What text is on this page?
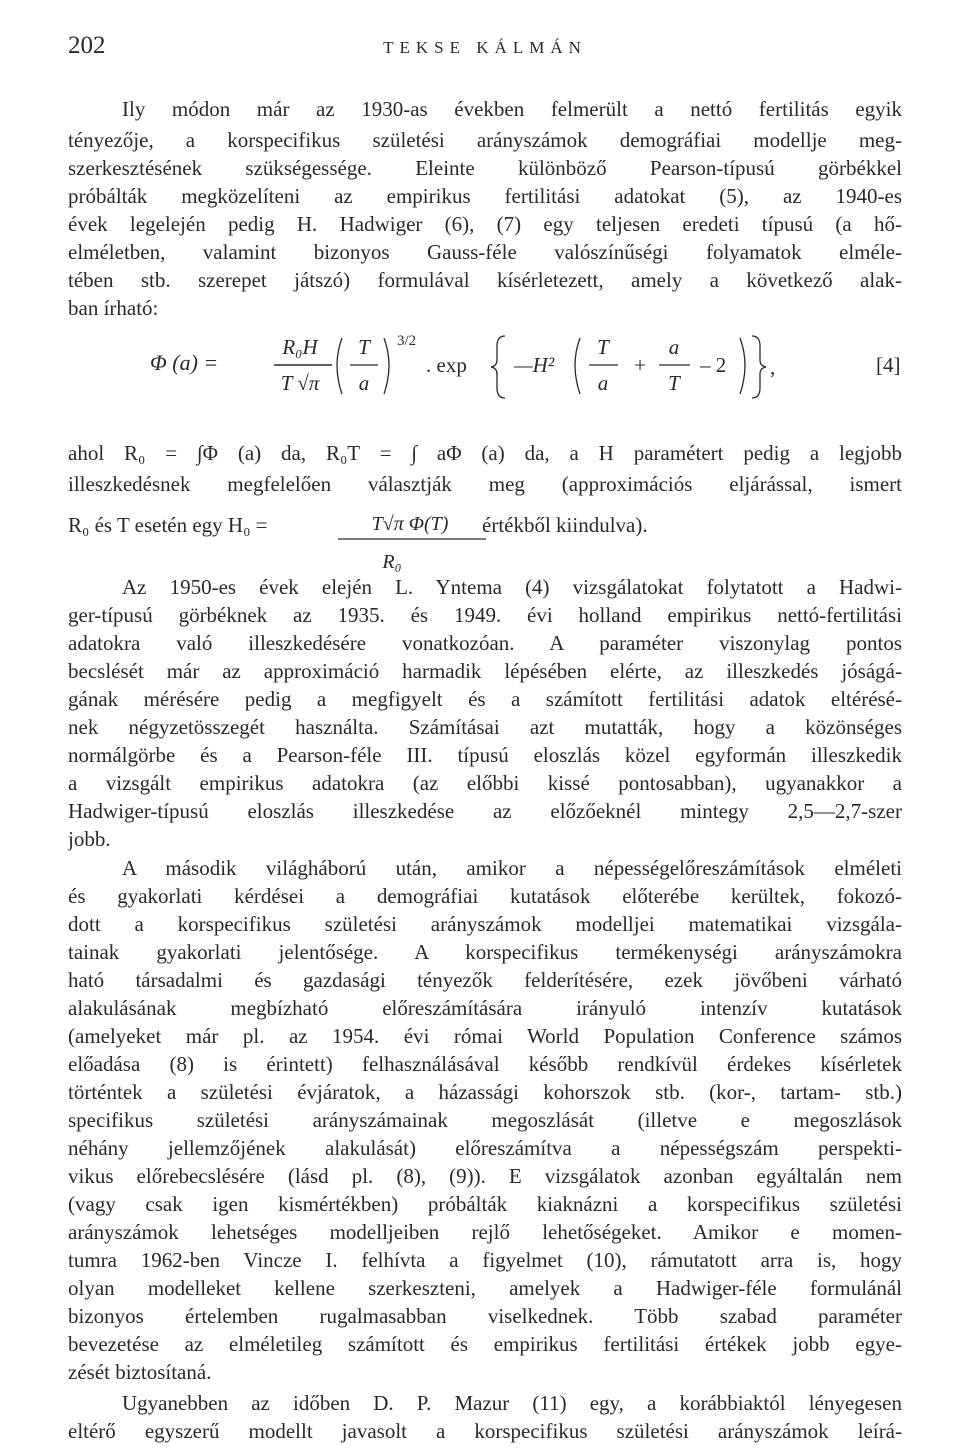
202	TEKSE KÁLMÁN
Ily módon már az 1930-as években felmerült a nettó fertilitás egyik
tényezője, a korspecifikus születési arányszámok demográfiai modellje meg-
szerkesztésének szükségessége. Eleinte különböző Pearson-típusú görbékkel
próbálták megközelíteni az empirikus fertilitási adatokat (5), az 1940-es
évek legelején pedig H. Hadwiger (6), (7) egy teljesen eredeti típusú (a hő-
elméletben, valamint bizonyos Gauss-féle valószínűségi folyamatok elméle-
tében stb. szerepet játszó) formulával kísérletezett, amely a következő alak-
ban írható:
Φ (a) =
R₀H
T √π
T
a
3/2
. exp —H²
T
a
+
a
T
– 2 ,	[4]
ahol R₀ = ∫Φ (a) da, R₀T = ∫ aΦ (a) da, a H paramétert pedig a legjobb
illeszkedésnek megfelelően választják meg (approximációs eljárással, ismert
R₀ és T esetén egy H₀ =	T√π Φ(T)
R₀
értékből kiindulva).
Az 1950-es évek elején L. Yntema (4) vizsgálatokat folytatott a Hadwi-
ger-típusú görbéknek az 1935. és 1949. évi holland empirikus nettó-fertilitási
adatokra való illeszkedésére vonatkozóan. A paraméter viszonylag pontos
becslését már az approximáció harmadik lépésében elérte, az illeszkedés jóságá-
gának mérésére pedig a megfigyelt és a számított fertilitási adatok eltérésé-
nek négyzetösszegét használta. Számításai azt mutatták, hogy a közönséges
normálgörbe és a Pearson-féle III. típusú eloszlás közel egyformán illeszkedik
a vizsgált empirikus adatokra (az előbbi kissé pontosabban), ugyanakkor a
Hadwiger-típusú eloszlás illeszkedése az előzőeknél mintegy 2,5—2,7-szer
jobb.
A második világháború után, amikor a népességelőreszámítások elméleti
és gyakorlati kérdései a demográfiai kutatások előterébe kerültek, fokozó-
dott a korspecifikus születési arányszámok modelljei matematikai vizsgála-
tainak gyakorlati jelentősége. A korspecifikus termékenységi arányszámokra
ható társadalmi és gazdasági tényezők felderítésére, ezek jövőbeni várható
alakulásának megbízható előreszámítására irányuló intenzív kutatások
(amelyeket már pl. az 1954. évi római World Population Conference számos
előadása (8) is érintett) felhasználásával később rendkívül érdekes kísérletek
történtek a születési évjáratok, a házassági kohorszok stb. (kor-, tartam- stb.)
specifikus születési arányszámainak megoszlását (illetve e megoszlások
néhány jellemzőjének alakulását) előreszámítva a népességszám perspekti-
vikus előrebecslésére (lásd pl. (8), (9)). E vizsgálatok azonban egyáltalán nem
(vagy csak igen kismértékben) próbálták kiaknázni a korspecifikus születési
arányszámok lehetséges modelljeiben rejlő lehetőségeket. Amikor e momen-
tumra 1962-ben Vincze I. felhívta a figyelmet (10), rámutatott arra is, hogy
olyan modelleket kellene szerkeszteni, amelyek a Hadwiger-féle formulánál
bizonyos értelemben rugalmasabban viselkednek. Több szabad paraméter
bevezetése az elméletileg számított és empirikus fertilitási értékek jobb egye-
zését biztosítaná.
Ugyanebben az időben D. P. Mazur (11) egy, a korábbiaktól lényegesen
eltérő egyszerű modellt javasolt a korspecifikus születési arányszámok leírá-
